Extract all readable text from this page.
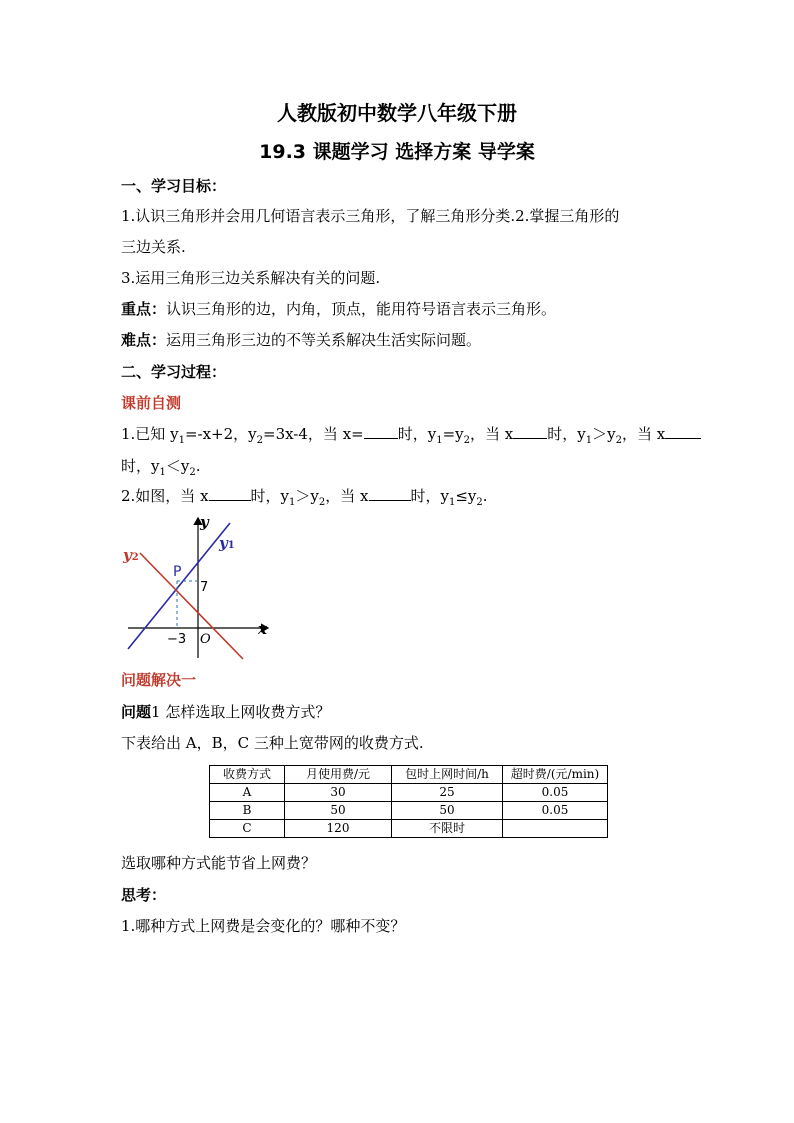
人教版初中数学八年级下册
19.3 课题学习 选择方案 导学案
一、学习目标：
1.认识三角形并会用几何语言表示三角形，了解三角形分类.2.掌握三角形的
三边关系.
3.运用三角形三边关系解决有关的问题.
重点：认识三角形的边，内角，顶点，能用符号语言表示三角形。
难点：运用三角形三边的不等关系解决生活实际问题。
二、学习过程：
课前自测
1.已知 $y_1=-x+2$，$y_2=3x-4$，当 x= 时，$y_1=y_2$，当 x 时，$y_1>y_2$，当 x
时，$y_1<y_2$.
2.如图，当 x	时，$y_1>y_2$，当 x	时，$y_1\le y_2$.
y
x
y1
y2
P
7
−3 O
问题解决一
问题1 怎样选取上网收费方式？
下表给出 A，B，C 三种上宽带网的收费方式.
收费方式	月使用费/元	包时上网时间/h	超时费/(元/min)
A	30	25	0.05
B	50	50	0.05
C	120	不限时	
选取哪种方式能节省上网费？
思考：
1.哪种方式上网费是会变化的？哪种不变？
